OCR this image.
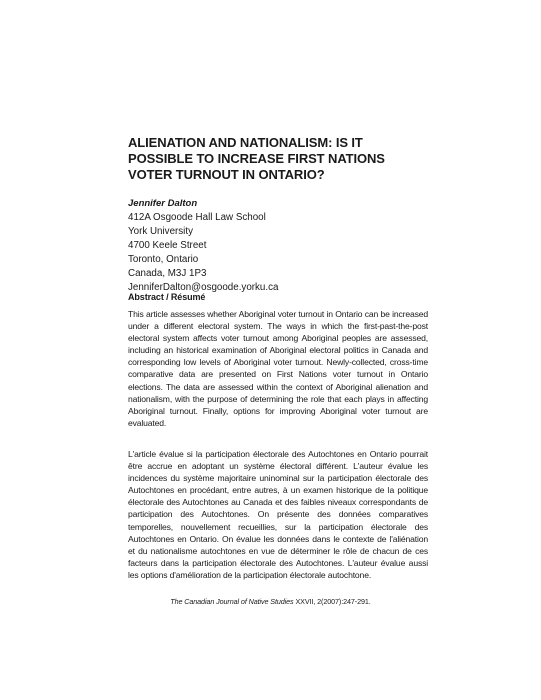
ALIENATION AND NATIONALISM: IS IT
POSSIBLE TO INCREASE FIRST NATIONS
VOTER TURNOUT IN ONTARIO?
Jennifer Dalton
412A Osgoode Hall Law School
York University
4700 Keele Street
Toronto, Ontario
Canada, M3J 1P3
JenniferDalton@osgoode.yorku.ca
Abstract / Résumé

This article assesses whether Aboriginal voter turnout in Ontario can be increased under a different electoral system. The ways in which the first-past-the-post electoral system affects voter turnout among Aboriginal peoples are assessed, including an historical examination of Aboriginal electoral politics in Canada and corresponding low levels of Aboriginal voter turnout. Newly-collected, cross-time comparative data are presented on First Nations voter turnout in Ontario elections. The data are assessed within the context of Aboriginal alienation and nationalism, with the purpose of determining the role that each plays in affecting Aboriginal turnout. Finally, options for improving Aboriginal voter turnout are evaluated.

L'article évalue si la participation électorale des Autochtones en Ontario pourrait être accrue en adoptant un système électoral différent. L'auteur évalue les incidences du système majoritaire uninominal sur la participation électorale des Autochtones en procédant, entre autres, à un examen historique de la politique électorale des Autochtones au Canada et des faibles niveaux correspondants de participation des Autochtones. On présente des données comparatives temporelles, nouvellement recueillies, sur la participation électorale des Autochtones en Ontario. On évalue les données dans le contexte de l'aliénation et du nationalisme autochtones en vue de déterminer le rôle de chacun de ces facteurs dans la participation électorale des Autochtones. L'auteur évalue aussi les options d'amélioration de la participation électorale autochtone.

The Canadian Journal of Native Studies XXVII, 2(2007):247-291.
